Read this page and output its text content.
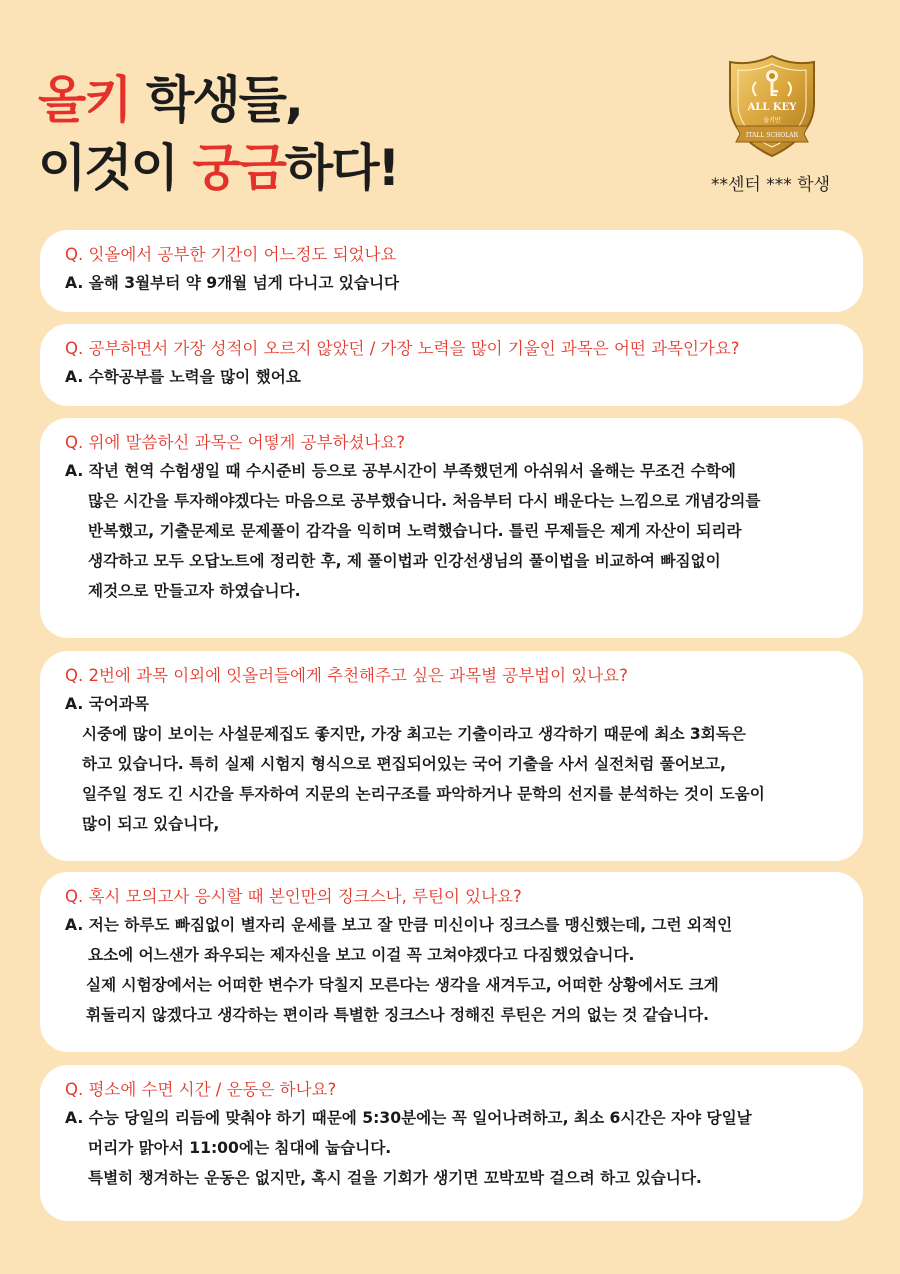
올키 학생들,
이것이 궁금하다!
ALL KEY
올키반
ITALL SCHOLAR
**센터 *** 학생
Q. 잇올에서 공부한 기간이 어느정도 되었나요
A. 올해 3월부터 약 9개월 넘게 다니고 있습니다
Q. 공부하면서 가장 성적이 오르지 않았던 / 가장 노력을 많이 기울인 과목은 어떤 과목인가요?
A. 수학공부를 노력을 많이 했어요
Q. 위에 말씀하신 과목은 어떻게 공부하셨나요?
A. 작년 현역 수험생일 때 수시준비 등으로 공부시간이 부족했던게 아쉬워서 올해는 무조건 수학에
많은 시간을 투자해야겠다는 마음으로 공부했습니다. 처음부터 다시 배운다는 느낌으로 개념강의를
반복했고, 기출문제로 문제풀이 감각을 익히며 노력했습니다. 틀린 무제들은 제게 자산이 되리라
생각하고 모두 오답노트에 정리한 후, 제 풀이법과 인강선생님의 풀이법을 비교하여 빠짐없이
제것으로 만들고자 하였습니다.
Q. 2번에 과목 이외에 잇올러들에게 추천해주고 싶은 과목별 공부법이 있나요?
A. 국어과목
시중에 많이 보이는 사설문제집도 좋지만, 가장 최고는 기출이라고 생각하기 때문에 최소 3회독은
하고 있습니다. 특히 실제 시험지 형식으로 편집되어있는 국어 기출을 사서 실전처럼 풀어보고,
일주일 정도 긴 시간을 투자하여 지문의 논리구조를 파악하거나 문학의 선지를 분석하는 것이 도움이
많이 되고 있습니다,
Q. 혹시 모의고사 응시할 때 본인만의 징크스나, 루틴이 있나요?
A. 저는 하루도 빠짐없이 별자리 운세를 보고 잘 만큼 미신이나 징크스를 맹신했는데, 그런 외적인
요소에 어느샌가 좌우되는 제자신을 보고 이걸 꼭 고쳐야겠다고 다짐했었습니다.
실제 시험장에서는 어떠한 변수가 닥칠지 모른다는 생각을 새겨두고, 어떠한 상황에서도 크게
휘둘리지 않겠다고 생각하는 편이라 특별한 징크스나 정해진 루틴은 거의 없는 것 같습니다.
Q. 평소에 수면 시간 / 운동은 하나요?
A. 수능 당일의 리듬에 맞춰야 하기 때문에 5:30분에는 꼭 일어나려하고, 최소 6시간은 자야 당일날
머리가 맑아서 11:00에는 침대에 눕습니다.
특별히 챙겨하는 운동은 없지만, 혹시 걸을 기회가 생기면 꼬박꼬박 걸으려 하고 있습니다.
